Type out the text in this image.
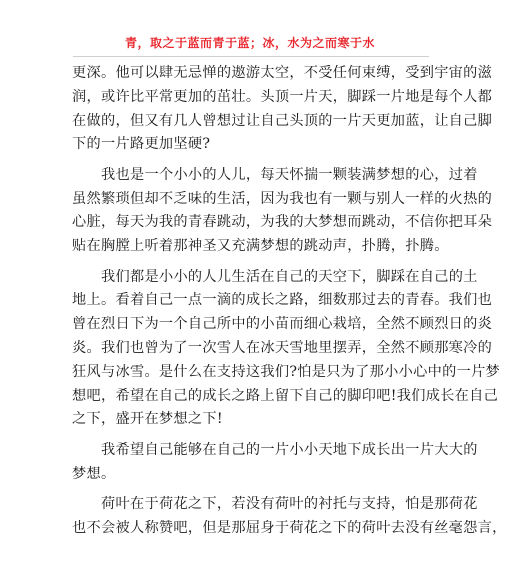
青，取之于蓝而青于蓝；冰，水为之而寒于水
更深。他可以肆无忌惮的遨游太空，不受任何束缚，受到宇宙的滋
润，或许比平常更加的茁壮。头顶一片天，脚踩一片地是每个人都
在做的，但又有几人曾想过让自己头顶的一片天更加蓝，让自己脚
下的一片路更加坚硬?
我也是一个小小的人儿，每天怀揣一颗装满梦想的心，过着
虽然繁琐但却不乏味的生活，因为我也有一颗与别人一样的火热的
心脏，每天为我的青春跳动，为我的大梦想而跳动，不信你把耳朵
贴在胸膛上听着那神圣又充满梦想的跳动声，扑腾，扑腾。
我们都是小小的人儿生活在自己的天空下，脚踩在自己的土
地上。看着自己一点一滴的成长之路，细数那过去的青春。我们也
曾在烈日下为一个自己所中的小苗而细心栽培，全然不顾烈日的炎
炎。我们也曾为了一次雪人在冰天雪地里摆弄，全然不顾那寒冷的
狂风与冰雪。是什么在支持这我们?怕是只为了那小小心中的一片梦
想吧，希望在自己的成长之路上留下自己的脚印吧!我们成长在自己
之下，盛开在梦想之下!
我希望自己能够在自己的一片小小天地下成长出一片大大的
梦想。
荷叶在于荷花之下，若没有荷叶的衬托与支持，怕是那荷花
也不会被人称赞吧，但是那屈身于荷花之下的荷叶去没有丝毫怨言，
